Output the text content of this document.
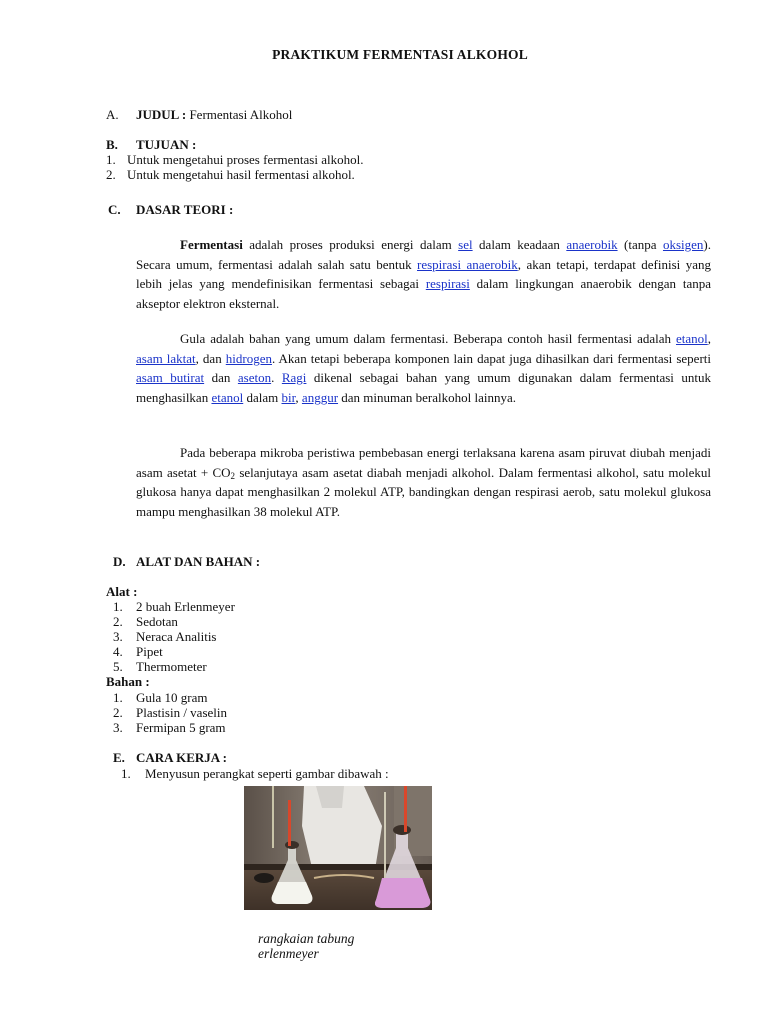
PRAKTIKUM FERMENTASI ALKOHOL
A. JUDUL : Fermentasi Alkohol
B. TUJUAN :
1. Untuk mengetahui proses fermentasi alkohol.
2. Untuk mengetahui hasil fermentasi alkohol.
C. DASAR TEORI :

Fermentasi adalah proses produksi energi dalam sel dalam keadaan anaerobik (tanpa oksigen). Secara umum, fermentasi adalah salah satu bentuk respirasi anaerobik, akan tetapi, terdapat definisi yang lebih jelas yang mendefinisikan fermentasi sebagai respirasi dalam lingkungan anaerobik dengan tanpa akseptor elektron eksternal.

Gula adalah bahan yang umum dalam fermentasi. Beberapa contoh hasil fermentasi adalah etanol, asam laktat, dan hidrogen. Akan tetapi beberapa komponen lain dapat juga dihasilkan dari fermentasi seperti asam butirat dan aseton. Ragi dikenal sebagai bahan yang umum digunakan dalam fermentasi untuk menghasilkan etanol dalam bir, anggur dan minuman beralkohol lainnya.

Pada beberapa mikroba peristiwa pembebasan energi terlaksana karena asam piruvat diubah menjadi asam asetat + $CO_2$ selanjutaya asam asetat diabah menjadi alkohol. Dalam fermentasi alkohol, satu molekul glukosa hanya dapat menghasilkan 2 molekul ATP, bandingkan dengan respirasi aerob, satu molekul glukosa mampu menghasilkan 38 molekul ATP.

D. ALAT DAN BAHAN :
Alat :
1. 2 buah Erlenmeyer
2. Sedotan
3. Neraca Analitis
4. Pipet
5. Thermometer
Bahan :
1. Gula 10 gram
2. Plastisin / vaselin
3. Fermipan 5 gram
E. CARA KERJA :
1. Menyusun perangkat seperti gambar dibawah :
rangkaian tabung
erlenmeyer
